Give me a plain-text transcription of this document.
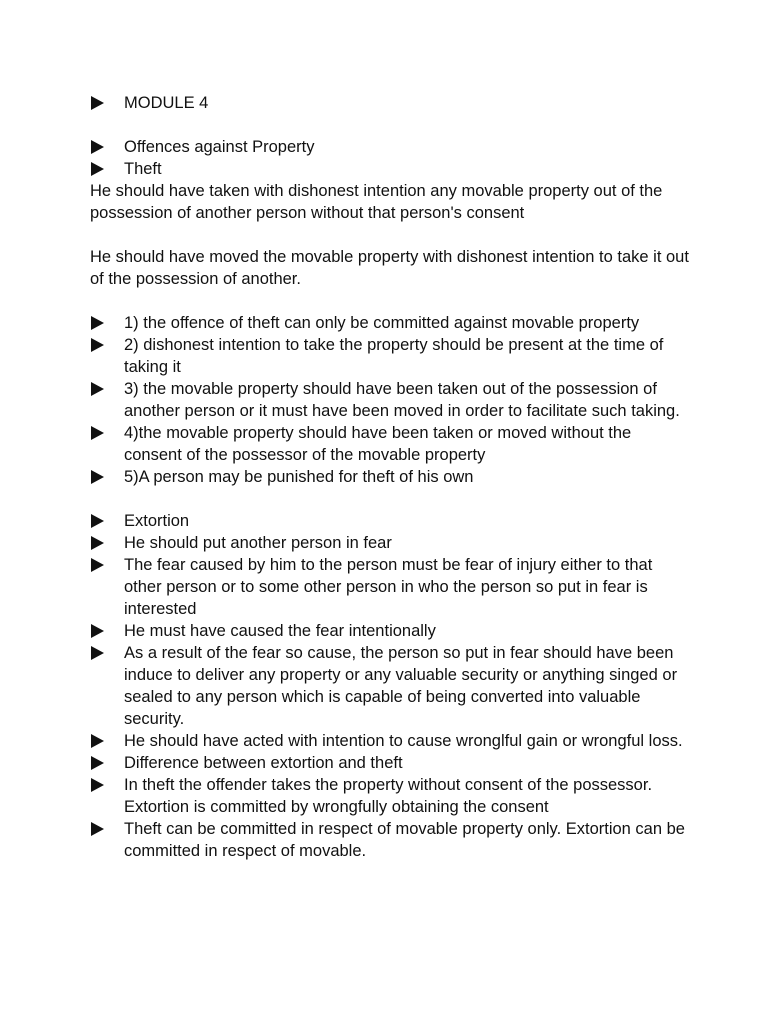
MODULE 4
Offences against Property
Theft
He should have taken with dishonest intention any movable property out of the possession of another person without that person's consent
He should have moved the movable property with dishonest intention to take it out of the possession of another.
1) the offence of theft can only be committed against movable property
2) dishonest intention to take the property should be present at the time of taking it
3) the movable property should have been taken out of the possession of another person or it must have been moved in order to facilitate such taking.
4)the movable property should have been taken or moved without the consent of the possessor of the movable property
5)A person may be punished for theft of his own
Extortion
He should put another person in fear
The fear caused by him to the person must be fear of injury either to that other person or to some other person in who the person so put in fear is interested
He must have caused the fear intentionally
As a result of the fear so cause, the person so put in fear should have been induce to deliver any property or any valuable security or anything singed or sealed to any person which is capable of being converted into valuable security.
He should have acted with intention to cause wronglful gain or wrongful loss.
Difference between extortion and theft
In theft the offender takes the property without consent of the possessor. Extortion is committed by wrongfully obtaining the consent
Theft can be committed in respect of movable property only. Extortion can be committed in respect of movable.
